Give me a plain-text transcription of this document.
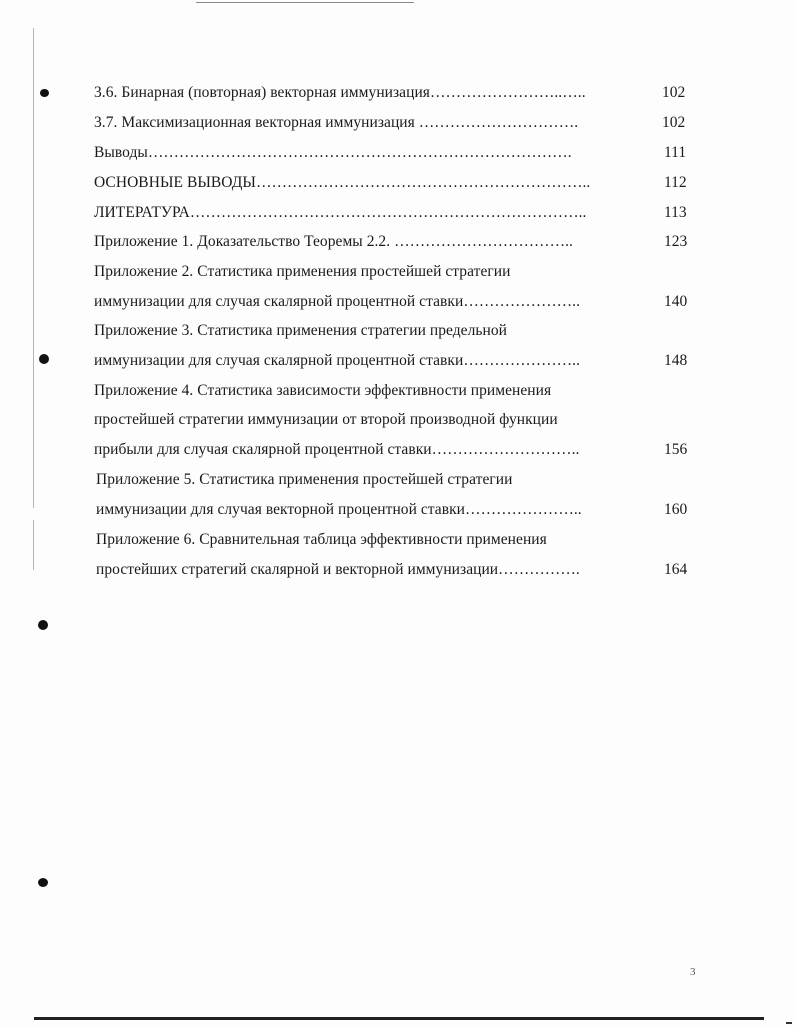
3.6. Бинарная (повторная) векторная иммунизация……………………..…..	102
3.7. Максимизационная векторная иммунизация ………………………….	102
Выводы……………………………………………………………………….	111
ОСНОВНЫЕ ВЫВОДЫ………………………………………………………..	112
ЛИТЕРАТУРА…………………………………………………………………..	113
Приложение 1. Доказательство Теоремы 2.2. ……………………………..	123
Приложение 2. Статистика применения простейшей стратегии
иммунизации для случая скалярной процентной ставки…………………..	140
Приложение 3. Статистика применения стратегии предельной
иммунизации для случая скалярной процентной ставки…………………..	148
Приложение 4. Статистика зависимости эффективности применения
простейшей стратегии иммунизации от второй производной функции
прибыли для случая скалярной процентной ставки………………………..	156
Приложение 5. Статистика применения простейшей стратегии
иммунизации для случая векторной процентной ставки…………………..	160
Приложение 6. Сравнительная таблица эффективности применения
простейших стратегий скалярной и векторной иммунизации…………….	164
3
